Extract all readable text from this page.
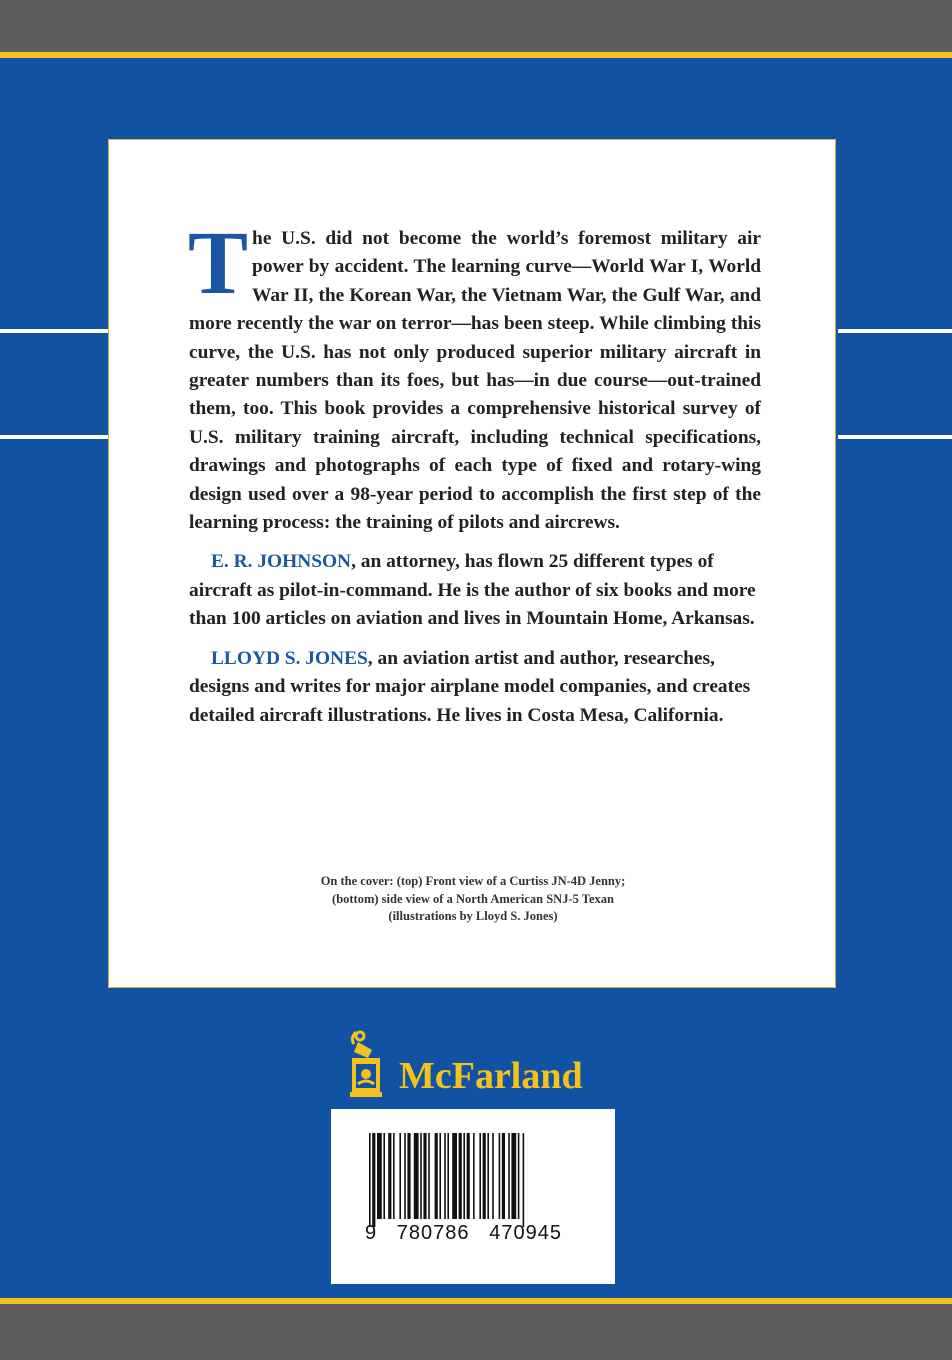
The U.S. did not become the world’s foremost military air power by accident. The learning curve—World War I, World War II, the Korean War, the Vietnam War, the Gulf War, and more recently the war on terror—has been steep. While climbing this curve, the U.S. has not only produced superior military aircraft in greater numbers than its foes, but has—in due course—out-trained them, too. This book provides a comprehensive historical survey of U.S. military training aircraft, including technical specifications, drawings and photographs of each type of fixed and rotary-wing design used over a 98-year period to accomplish the first step of the learning process: the training of pilots and aircrews.

E. R. JOHNSON, an attorney, has flown 25 different types of aircraft as pilot-in-command. He is the author of six books and more than 100 articles on aviation and lives in Mountain Home, Arkansas.

LLOYD S. JONES, an aviation artist and author, researches, designs and writes for major airplane model companies, and creates detailed aircraft illustrations. He lives in Costa Mesa, California.

On the cover: (top) Front view of a Curtiss JN-4D Jenny;
(bottom) side view of a North American SNJ-5 Texan
(illustrations by Lloyd S. Jones)
McFarland
9   780786   470945
